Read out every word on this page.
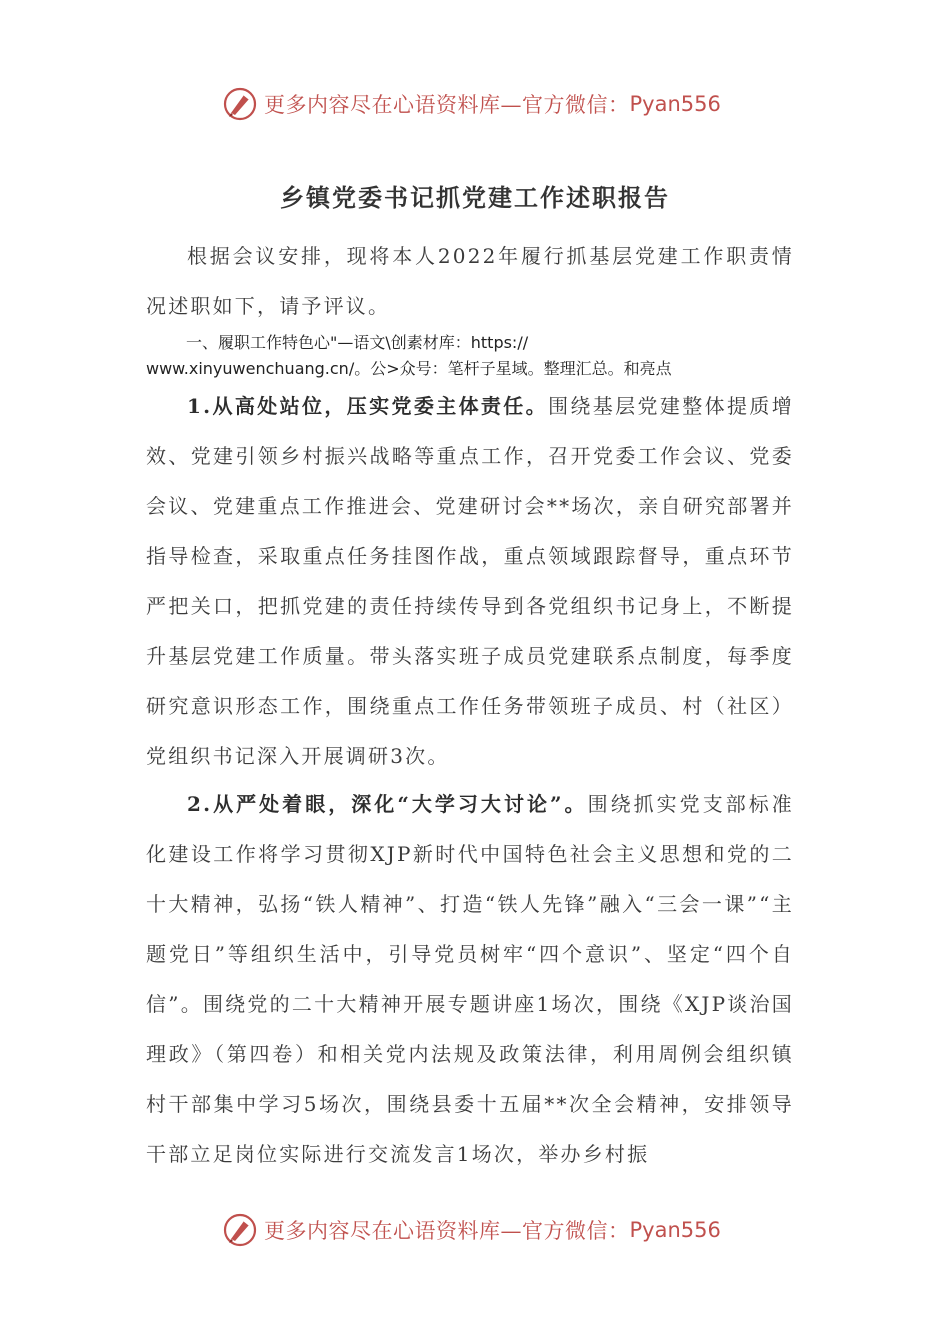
更多内容尽在心语资料库—官方微信： Pyan556
乡镇党委书记抓党建工作述职报告

根据会议安排，现将本人2022年履行抓基层党建工作职责情况述职如下，请予评议。

一、履职工作特色心"—语文\创素材库：https://
www.xinyuwenchuang.cn/。公>众号：笔杆子星域。整理汇总。和亮点

1.从高处站位，压实党委主体责任。围绕基层党建整体提质增效、党建引领乡村振兴战略等重点工作，召开党委工作会议、党委会议、党建重点工作推进会、党建研讨会**场次，亲自研究部署并指导检查，采取重点任务挂图作战，重点领域跟踪督导，重点环节严把关口，把抓党建的责任持续传导到各党组织书记身上，不断提升基层党建工作质量。带头落实班子成员党建联系点制度，每季度研究意识形态工作，围绕重点工作任务带领班子成员、村（社区）党组织书记深入开展调研3次。

2.从严处着眼，深化“大学习大讨论”。围绕抓实党支部标准化建设工作将学习贯彻XJP新时代中国特色社会主义思想和党的二十大精神，弘扬“铁人精神”、打造“铁人先锋”融入“三会一课”“主题党日”等组织生活中，引导党员树牢“四个意识”、坚定“四个自信”。围绕党的二十大精神开展专题讲座1场次，围绕《XJP谈治国理政》（第四卷）和相关党内法规及政策法律，利用周例会组织镇村干部集中学习5场次，围绕县委十五届**次全会精神，安排领导干部立足岗位实际进行交流发言1场次，举办乡村振

更多内容尽在心语资料库—官方微信： Pyan556
